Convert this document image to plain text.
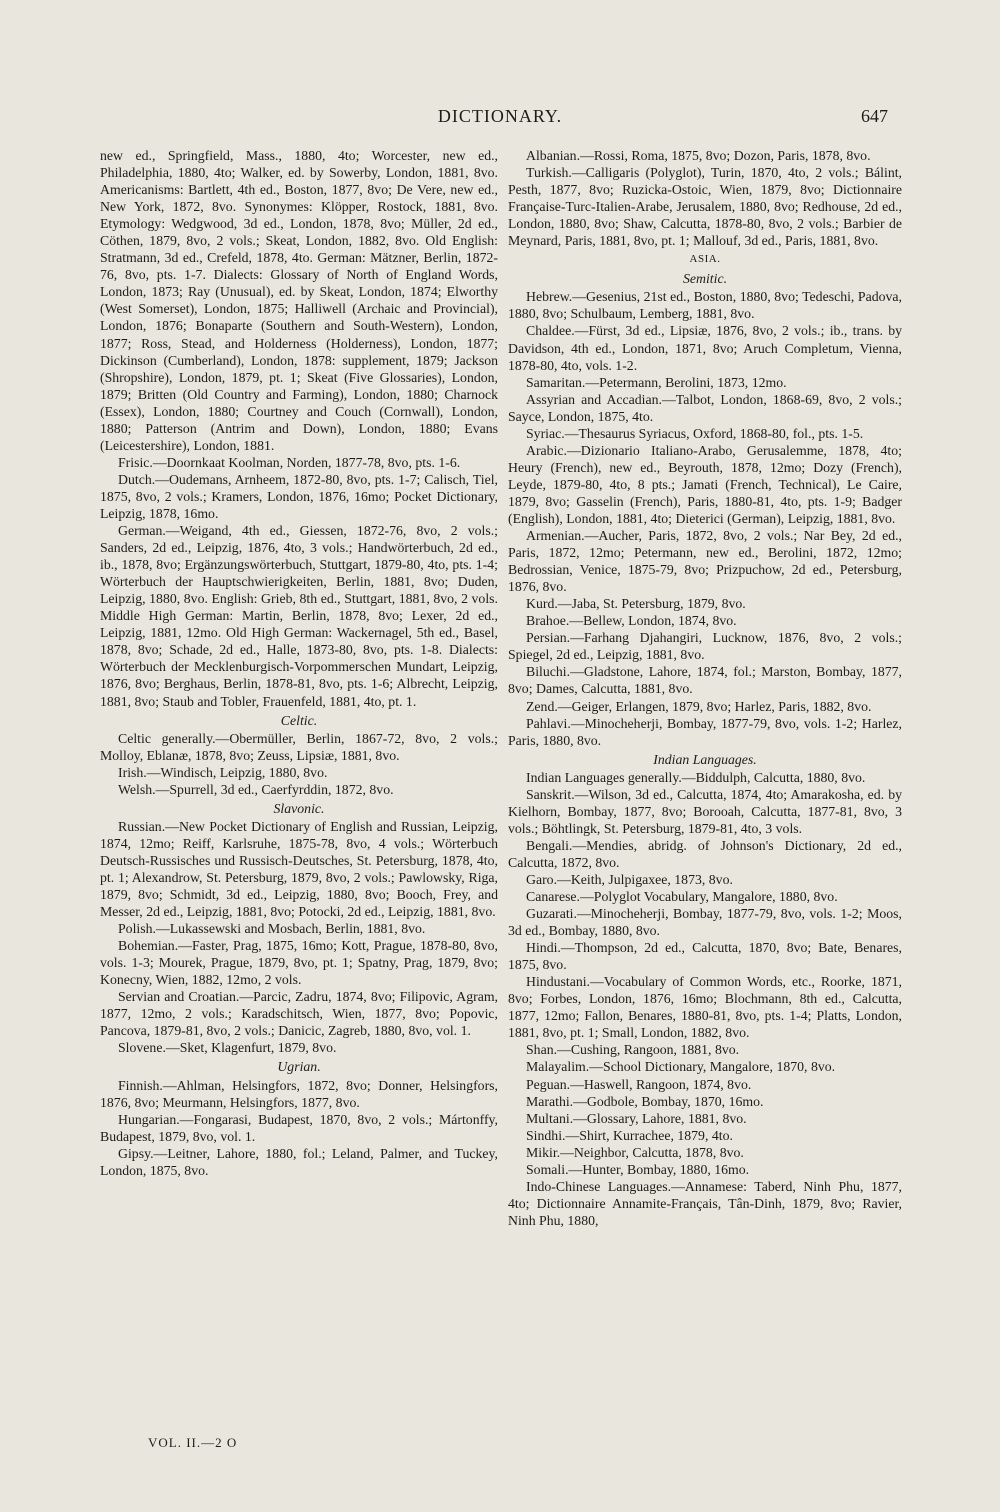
DICTIONARY.	647

new ed., Springfield, Mass., 1880, 4to; Worcester, new ed., Philadelphia, 1880, 4to; Walker, ed. by Sowerby, London, 1881, 8vo. Americanisms: Bartlett, 4th ed., Boston, 1877, 8vo; De Vere, new ed., New York, 1872, 8vo. Synonymes: Klöpper, Rostock, 1881, 8vo. Etymology: Wedgwood, 3d ed., London, 1878, 8vo; Müller, 2d ed., Cöthen, 1879, 8vo, 2 vols.; Skeat, London, 1882, 8vo. Old English: Stratmann, 3d ed., Crefeld, 1878, 4to. German: Mätzner, Berlin, 1872-76, 8vo, pts. 1-7. Dialects: Glossary of North of England Words, London, 1873; Ray (Unusual), ed. by Skeat, London, 1874; Elworthy (West Somerset), London, 1875; Halliwell (Archaic and Provincial), London, 1876; Bonaparte (Southern and South-Western), London, 1877; Ross, Stead, and Holderness (Holderness), London, 1877; Dickinson (Cumberland), London, 1878: supplement, 1879; Jackson (Shropshire), London, 1879, pt. 1; Skeat (Five Glossaries), London, 1879; Britten (Old Country and Farming), London, 1880; Charnock (Essex), London, 1880; Courtney and Couch (Cornwall), London, 1880; Patterson (Antrim and Down), London, 1880; Evans (Leicestershire), London, 1881.

Frisic.—Doornkaat Koolman, Norden, 1877-78, 8vo, pts. 1-6.

Dutch.—Oudemans, Arnheem, 1872-80, 8vo, pts. 1-7; Calisch, Tiel, 1875, 8vo, 2 vols.; Kramers, London, 1876, 16mo; Pocket Dictionary, Leipzig, 1878, 16mo.

German.—Weigand, 4th ed., Giessen, 1872-76, 8vo, 2 vols.; Sanders, 2d ed., Leipzig, 1876, 4to, 3 vols.; Handwörterbuch, 2d ed., ib., 1878, 8vo; Ergänzungswörterbuch, Stuttgart, 1879-80, 4to, pts. 1-4; Wörterbuch der Hauptschwierigkeiten, Berlin, 1881, 8vo; Duden, Leipzig, 1880, 8vo. English: Grieb, 8th ed., Stuttgart, 1881, 8vo, 2 vols. Middle High German: Martin, Berlin, 1878, 8vo; Lexer, 2d ed., Leipzig, 1881, 12mo. Old High German: Wackernagel, 5th ed., Basel, 1878, 8vo; Schade, 2d ed., Halle, 1873-80, 8vo, pts. 1-8. Dialects: Wörterbuch der Mecklenburgisch-Vorpommerschen Mundart, Leipzig, 1876, 8vo; Berghaus, Berlin, 1878-81, 8vo, pts. 1-6; Albrecht, Leipzig, 1881, 8vo; Staub and Tobler, Frauenfeld, 1881, 4to, pt. 1.

Celtic.

Celtic generally.—Obermüller, Berlin, 1867-72, 8vo, 2 vols.; Molloy, Eblanæ, 1878, 8vo; Zeuss, Lipsiæ, 1881, 8vo.

Irish.—Windisch, Leipzig, 1880, 8vo.

Welsh.—Spurrell, 3d ed., Caerfyrddin, 1872, 8vo.

Slavonic.

Russian.—New Pocket Dictionary of English and Russian, Leipzig, 1874, 12mo; Reiff, Karlsruhe, 1875-78, 8vo, 4 vols.; Wörterbuch Deutsch-Russisches und Russisch-Deutsches, St. Petersburg, 1878, 4to, pt. 1; Alexandrow, St. Petersburg, 1879, 8vo, 2 vols.; Pawlowsky, Riga, 1879, 8vo; Schmidt, 3d ed., Leipzig, 1880, 8vo; Booch, Frey, and Messer, 2d ed., Leipzig, 1881, 8vo; Potocki, 2d ed., Leipzig, 1881, 8vo.

Polish.—Lukassewski and Mosbach, Berlin, 1881, 8vo.

Bohemian.—Faster, Prag, 1875, 16mo; Kott, Prague, 1878-80, 8vo, vols. 1-3; Mourek, Prague, 1879, 8vo, pt. 1; Spatny, Prag, 1879, 8vo; Konecny, Wien, 1882, 12mo, 2 vols.

Servian and Croatian.—Parcic, Zadru, 1874, 8vo; Filipovic, Agram, 1877, 12mo, 2 vols.; Karadschitsch, Wien, 1877, 8vo; Popovic, Pancova, 1879-81, 8vo, 2 vols.; Danicic, Zagreb, 1880, 8vo, vol. 1.

Slovene.—Sket, Klagenfurt, 1879, 8vo.

Ugrian.

Finnish.—Ahlman, Helsingfors, 1872, 8vo; Donner, Helsingfors, 1876, 8vo; Meurmann, Helsingfors, 1877, 8vo.

Hungarian.—Fongarasi, Budapest, 1870, 8vo, 2 vols.; Mártonffy, Budapest, 1879, 8vo, vol. 1.

Gipsy.—Leitner, Lahore, 1880, fol.; Leland, Palmer, and Tuckey, London, 1875, 8vo.

Albanian.—Rossi, Roma, 1875, 8vo; Dozon, Paris, 1878, 8vo.

Turkish.—Calligaris (Polyglot), Turin, 1870, 4to, 2 vols.; Bálint, Pesth, 1877, 8vo; Ruzicka-Ostoic, Wien, 1879, 8vo; Dictionnaire Française-Turc-Italien-Arabe, Jerusalem, 1880, 8vo; Redhouse, 2d ed., London, 1880, 8vo; Shaw, Calcutta, 1878-80, 8vo, 2 vols.; Barbier de Meynard, Paris, 1881, 8vo, pt. 1; Mallouf, 3d ed., Paris, 1881, 8vo.

ASIA.

Semitic.

Hebrew.—Gesenius, 21st ed., Boston, 1880, 8vo; Tedeschi, Padova, 1880, 8vo; Schulbaum, Lemberg, 1881, 8vo.

Chaldee.—Fürst, 3d ed., Lipsiæ, 1876, 8vo, 2 vols.; ib., trans. by Davidson, 4th ed., London, 1871, 8vo; Aruch Completum, Vienna, 1878-80, 4to, vols. 1-2.

Samaritan.—Petermann, Berolini, 1873, 12mo.

Assyrian and Accadian.—Talbot, London, 1868-69, 8vo, 2 vols.; Sayce, London, 1875, 4to.

Syriac.—Thesaurus Syriacus, Oxford, 1868-80, fol., pts. 1-5.

Arabic.—Dizionario Italiano-Arabo, Gerusalemme, 1878, 4to; Heury (French), new ed., Beyrouth, 1878, 12mo; Dozy (French), Leyde, 1879-80, 4to, 8 pts.; Jamati (French, Technical), Le Caire, 1879, 8vo; Gasselin (French), Paris, 1880-81, 4to, pts. 1-9; Badger (English), London, 1881, 4to; Dieterici (German), Leipzig, 1881, 8vo.

Armenian.—Aucher, Paris, 1872, 8vo, 2 vols.; Nar Bey, 2d ed., Paris, 1872, 12mo; Petermann, new ed., Berolini, 1872, 12mo; Bedrossian, Venice, 1875-79, 8vo; Prizpuchow, 2d ed., Petersburg, 1876, 8vo.

Kurd.—Jaba, St. Petersburg, 1879, 8vo.

Brahoe.—Bellew, London, 1874, 8vo.

Persian.—Farhang Djahangiri, Lucknow, 1876, 8vo, 2 vols.; Spiegel, 2d ed., Leipzig, 1881, 8vo.

Biluchi.—Gladstone, Lahore, 1874, fol.; Marston, Bombay, 1877, 8vo; Dames, Calcutta, 1881, 8vo.

Zend.—Geiger, Erlangen, 1879, 8vo; Harlez, Paris, 1882, 8vo.

Pahlavi.—Minocheherji, Bombay, 1877-79, 8vo, vols. 1-2; Harlez, Paris, 1880, 8vo.

Indian Languages.

Indian Languages generally.—Biddulph, Calcutta, 1880, 8vo.

Sanskrit.—Wilson, 3d ed., Calcutta, 1874, 4to; Amarakosha, ed. by Kielhorn, Bombay, 1877, 8vo; Borooah, Calcutta, 1877-81, 8vo, 3 vols.; Böhtlingk, St. Petersburg, 1879-81, 4to, 3 vols.

Bengali.—Mendies, abridg. of Johnson's Dictionary, 2d ed., Calcutta, 1872, 8vo.

Garo.—Keith, Julpigaxee, 1873, 8vo.

Canarese.—Polyglot Vocabulary, Mangalore, 1880, 8vo.

Guzarati.—Minocheherji, Bombay, 1877-79, 8vo, vols. 1-2; Moos, 3d ed., Bombay, 1880, 8vo.

Hindi.—Thompson, 2d ed., Calcutta, 1870, 8vo; Bate, Benares, 1875, 8vo.

Hindustani.—Vocabulary of Common Words, etc., Roorke, 1871, 8vo; Forbes, London, 1876, 16mo; Blochmann, 8th ed., Calcutta, 1877, 12mo; Fallon, Benares, 1880-81, 8vo, pts. 1-4; Platts, London, 1881, 8vo, pt. 1; Small, London, 1882, 8vo.

Shan.—Cushing, Rangoon, 1881, 8vo.

Malayalim.—School Dictionary, Mangalore, 1870, 8vo.

Peguan.—Haswell, Rangoon, 1874, 8vo.

Marathi.—Godbole, Bombay, 1870, 16mo.

Multani.—Glossary, Lahore, 1881, 8vo.

Sindhi.—Shirt, Kurrachee, 1879, 4to.

Mikir.—Neighbor, Calcutta, 1878, 8vo.

Somali.—Hunter, Bombay, 1880, 16mo.

Indo-Chinese Languages.—Annamese: Taberd, Ninh Phu, 1877, 4to; Dictionnaire Annamite-Français, Tân-Dinh, 1879, 8vo; Ravier, Ninh Phu, 1880,

VOL. II.—2 O
